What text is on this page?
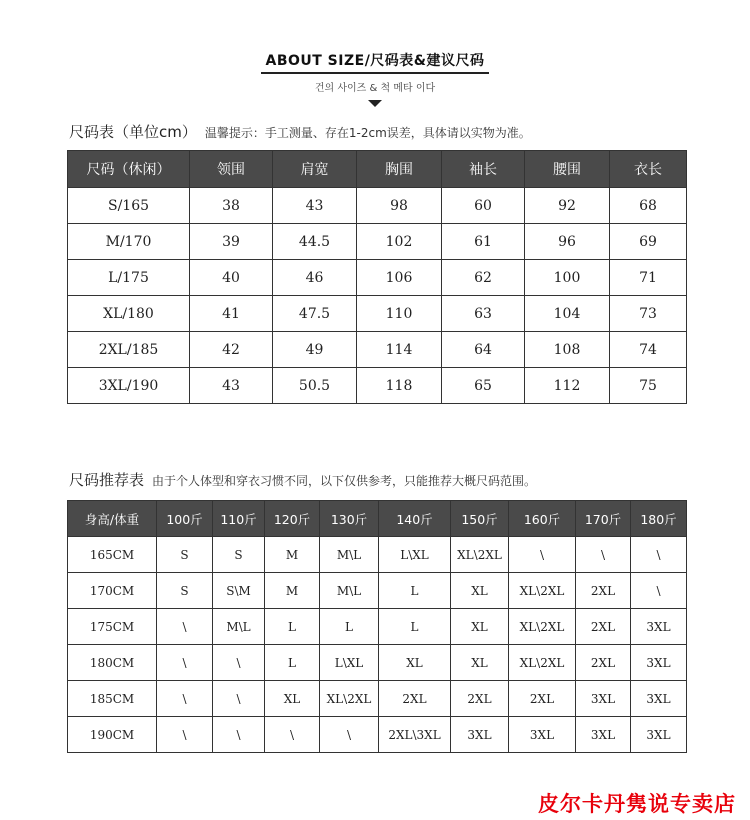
ABOUT SIZE/尺码表&建议尺码
건의 사이즈 & 척 메타 이다
尺码表（单位cm） 温馨提示：手工测量、存在1-2cm误差，具体请以实物为准。
尺码（休闲）	领围	肩宽	胸围	袖长	腰围	衣长
S/165	38	43	98	60	92	68
M/170	39	44.5	102	61	96	69
L/175	40	46	106	62	100	71
XL/180	41	47.5	110	63	104	73
2XL/185	42	49	114	64	108	74
3XL/190	43	50.5	118	65	112	75
尺码推荐表 由于个人体型和穿衣习惯不同，以下仅供参考，只能推荐大概尺码范围。
身高/体重	100斤	110斤	120斤	130斤	140斤	150斤	160斤	170斤	180斤
165CM	S	S	M	M\L	L\XL	XL\2XL	\	\	\
170CM	S	S\M	M	M\L	L	XL	XL\2XL	2XL	\
175CM	\	M\L	L	L	L	XL	XL\2XL	2XL	3XL
180CM	\	\	L	L\XL	XL	XL	XL\2XL	2XL	3XL
185CM	\	\	XL	XL\2XL	2XL	2XL	2XL	3XL	3XL
190CM	\	\	\	\	2XL\3XL	3XL	3XL	3XL	3XL
皮尔卡丹隽说专卖店
